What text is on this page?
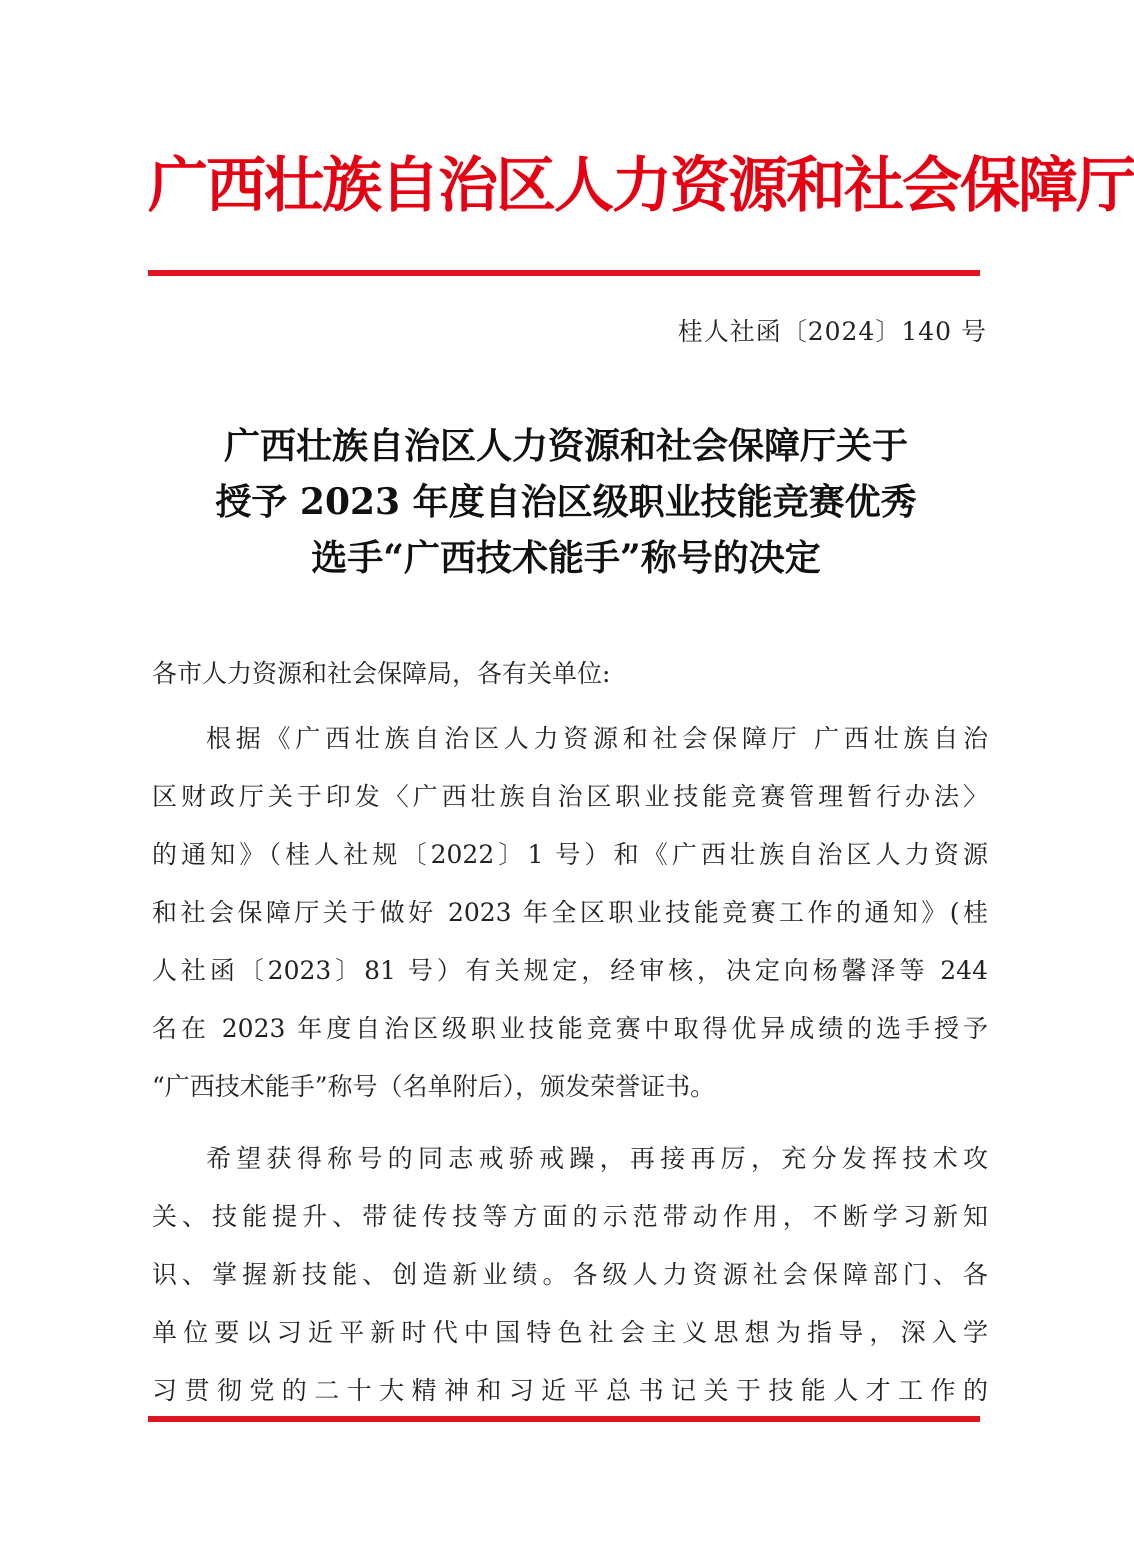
广西壮族自治区人力资源和社会保障厅
桂人社函〔2024〕140 号
广西壮族自治区人力资源和社会保障厅关于
授予 2023 年度自治区级职业技能竞赛优秀
选手“广西技术能手”称号的决定
各市人力资源和社会保障局，各有关单位:
根据《广西壮族自治区人力资源和社会保障厅 广西壮族自治
区财政厅关于印发〈广西壮族自治区职业技能竞赛管理暂行办法〉
的通知》（桂人社规〔2022〕1 号）和《广西壮族自治区人力资源
和社会保障厅关于做好 2023 年全区职业技能竞赛工作的通知》(桂
人社函〔2023〕81 号）有关规定，经审核，决定向杨馨泽等 244
名在 2023 年度自治区级职业技能竞赛中取得优异成绩的选手授予
“广西技术能手”称号（名单附后），颁发荣誉证书。
希望获得称号的同志戒骄戒躁，再接再厉，充分发挥技术攻
关、技能提升、带徒传技等方面的示范带动作用，不断学习新知
识、掌握新技能、创造新业绩。各级人力资源社会保障部门、各
单位要以习近平新时代中国特色社会主义思想为指导，深入学
习贯彻党的二十大精神和习近平总书记关于技能人才工作的
